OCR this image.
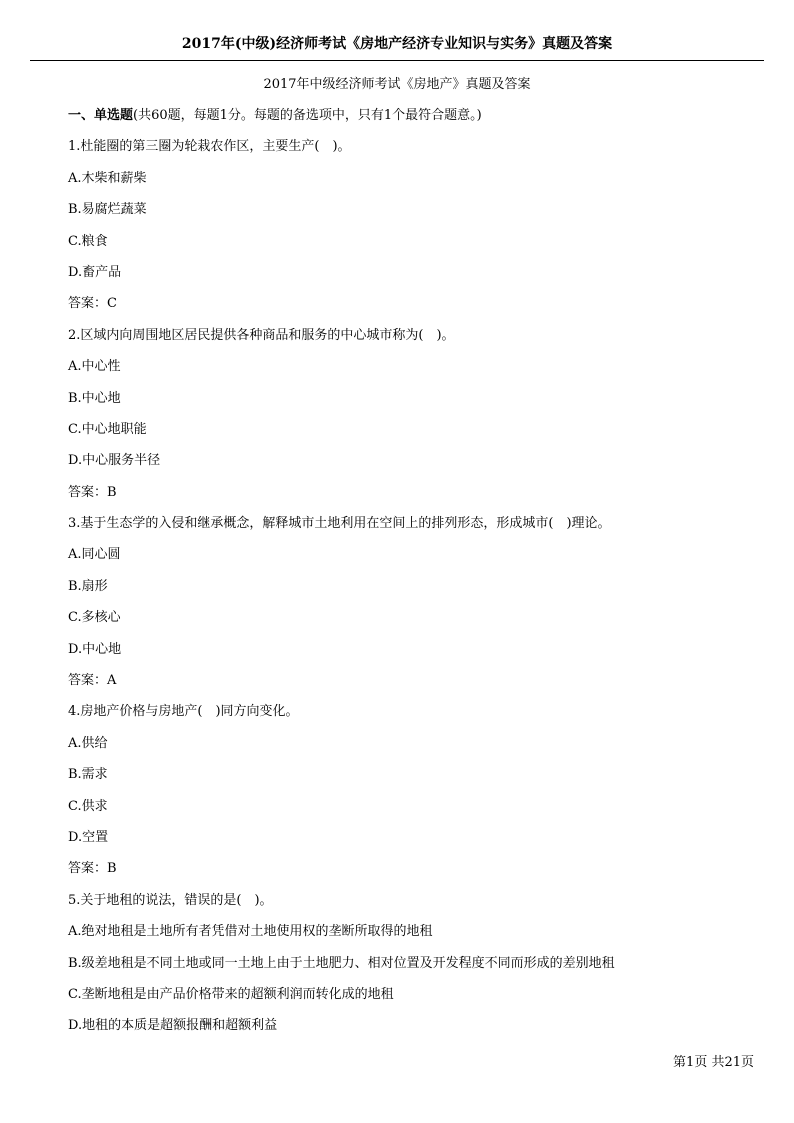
2017年(中级)经济师考试《房地产经济专业知识与实务》真题及答案
2017年中级经济师考试《房地产》真题及答案
一、单选题(共60题，每题1分。每题的备选项中，只有1个最符合题意。)
1.杜能圈的第三圈为轮栽农作区，主要生产(　)。
A.木柴和薪柴
B.易腐烂蔬菜
C.粮食
D.畜产品
答案：C
2.区域内向周围地区居民提供各种商品和服务的中心城市称为(　)。
A.中心性
B.中心地
C.中心地职能
D.中心服务半径
答案：B
3.基于生态学的入侵和继承概念，解释城市土地利用在空间上的排列形态，形成城市(　)理论。
A.同心圆
B.扇形
C.多核心
D.中心地
答案：A
4.房地产价格与房地产(　)同方向变化。
A.供给
B.需求
C.供求
D.空置
答案：B
5.关于地租的说法，错误的是(　)。
A.绝对地租是土地所有者凭借对土地使用权的垄断所取得的地租
B.级差地租是不同土地或同一土地上由于土地肥力、相对位置及开发程度不同而形成的差别地租
C.垄断地租是由产品价格带来的超额利润而转化成的地租
D.地租的本质是超额报酬和超额利益
第1页 共21页
